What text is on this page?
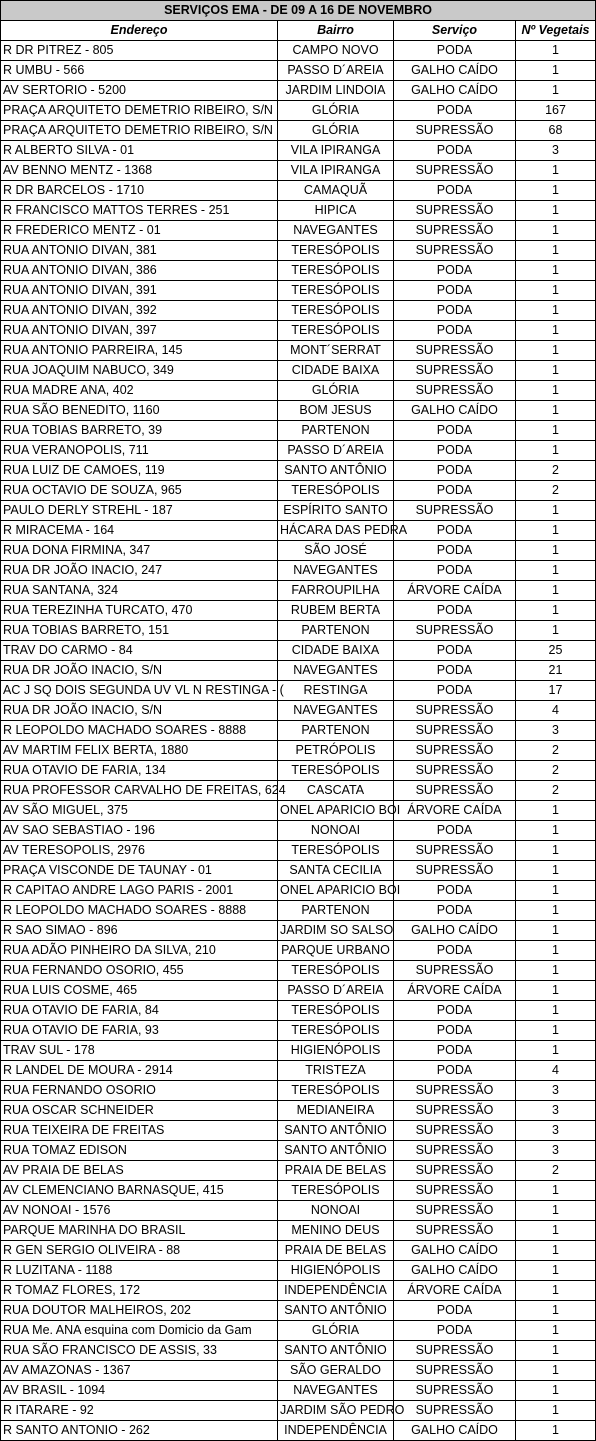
SERVIÇOS EMA - DE 09 A 16 DE NOVEMBRO			
Endereço	Bairro	Serviço	Nº Vegetais
R DR PITREZ - 805	CAMPO NOVO	PODA	1
R UMBU - 566	PASSO D´AREIA	GALHO CAÍDO	1
AV SERTORIO - 5200	JARDIM LINDOIA	GALHO CAÍDO	1
PRAÇA ARQUITETO DEMETRIO RIBEIRO, S/N	GLÓRIA	PODA	167
PRAÇA ARQUITETO DEMETRIO RIBEIRO, S/N	GLÓRIA	SUPRESSÃO	68
R ALBERTO SILVA - 01	VILA IPIRANGA	PODA	3
AV BENNO MENTZ - 1368	VILA IPIRANGA	SUPRESSÃO	1
R DR BARCELOS - 1710	CAMAQUÃ	PODA	1
R FRANCISCO MATTOS TERRES - 251	HIPICA	SUPRESSÃO	1
R FREDERICO MENTZ - 01	NAVEGANTES	SUPRESSÃO	1
RUA ANTONIO DIVAN, 381	TERESÓPOLIS	SUPRESSÃO	1
RUA ANTONIO DIVAN, 386	TERESÓPOLIS	PODA	1
RUA ANTONIO DIVAN, 391	TERESÓPOLIS	PODA	1
RUA ANTONIO DIVAN, 392	TERESÓPOLIS	PODA	1
RUA ANTONIO DIVAN, 397	TERESÓPOLIS	PODA	1
RUA ANTONIO PARREIRA, 145	MONT´SERRAT	SUPRESSÃO	1
RUA JOAQUIM NABUCO, 349	CIDADE BAIXA	SUPRESSÃO	1
RUA MADRE ANA, 402	GLÓRIA	SUPRESSÃO	1
RUA SÃO BENEDITO, 1160	BOM JESUS	GALHO CAÍDO	1
RUA TOBIAS BARRETO, 39	PARTENON	PODA	1
RUA VERANOPOLIS, 711	PASSO D´AREIA	PODA	1
RUA LUIZ DE CAMOES, 119	SANTO ANTÔNIO	PODA	2
RUA OCTAVIO DE SOUZA, 965	TERESÓPOLIS	PODA	2
PAULO DERLY STREHL - 187	ESPÍRITO SANTO	SUPRESSÃO	1
R MIRACEMA - 164	HÁCARA DAS PEDRA	PODA	1
RUA DONA FIRMINA, 347	SÃO JOSÉ	PODA	1
RUA DR JOÃO INACIO, 247	NAVEGANTES	PODA	1
RUA SANTANA, 324	FARROUPILHA	ÁRVORE CAÍDA	1
RUA TEREZINHA TURCATO, 470	RUBEM BERTA	PODA	1
RUA TOBIAS BARRETO, 151	PARTENON	SUPRESSÃO	1
TRAV DO CARMO - 84	CIDADE BAIXA	PODA	25
RUA DR JOÃO INACIO, S/N	NAVEGANTES	PODA	21
AC J SQ DOIS SEGUNDA UV VL N RESTINGA - (	RESTINGA	PODA	17
RUA DR JOÃO INACIO, S/N	NAVEGANTES	SUPRESSÃO	4
R LEOPOLDO MACHADO SOARES - 8888	PARTENON	SUPRESSÃO	3
AV MARTIM FELIX BERTA, 1880	PETRÓPOLIS	SUPRESSÃO	2
RUA OTAVIO DE FARIA, 134	TERESÓPOLIS	SUPRESSÃO	2
RUA PROFESSOR CARVALHO DE FREITAS, 624	CASCATA	SUPRESSÃO	2
AV SÃO MIGUEL, 375	ONEL APARICIO BOI	ÁRVORE CAÍDA	1
AV SAO SEBASTIAO - 196	NONOAI	PODA	1
AV TERESOPOLIS, 2976	TERESÓPOLIS	SUPRESSÃO	1
PRAÇA VISCONDE DE TAUNAY - 01	SANTA CECILIA	SUPRESSÃO	1
R CAPITAO ANDRE LAGO PARIS - 2001	ONEL APARICIO BOI	PODA	1
R LEOPOLDO MACHADO SOARES - 8888	PARTENON	PODA	1
R SAO SIMAO - 896	JARDIM SO SALSO	GALHO CAÍDO	1
RUA ADÃO PINHEIRO DA SILVA, 210	PARQUE URBANO	PODA	1
RUA FERNANDO OSORIO, 455	TERESÓPOLIS	SUPRESSÃO	1
RUA LUIS COSME, 465	PASSO D´AREIA	ÁRVORE CAÍDA	1
RUA OTAVIO DE FARIA, 84	TERESÓPOLIS	PODA	1
RUA OTAVIO DE FARIA, 93	TERESÓPOLIS	PODA	1
TRAV SUL - 178	HIGIENÓPOLIS	PODA	1
R LANDEL DE MOURA - 2914	TRISTEZA	PODA	4
RUA FERNANDO OSORIO	TERESÓPOLIS	SUPRESSÃO	3
RUA OSCAR SCHNEIDER	MEDIANEIRA	SUPRESSÃO	3
RUA TEIXEIRA DE FREITAS	SANTO ANTÔNIO	SUPRESSÃO	3
RUA TOMAZ EDISON	SANTO ANTÔNIO	SUPRESSÃO	3
AV PRAIA DE BELAS	PRAIA DE BELAS	SUPRESSÃO	2
AV CLEMENCIANO BARNASQUE, 415	TERESÓPOLIS	SUPRESSÃO	1
AV NONOAI - 1576	NONOAI	SUPRESSÃO	1
PARQUE MARINHA DO BRASIL	MENINO DEUS	SUPRESSÃO	1
R GEN SERGIO OLIVEIRA - 88	PRAIA DE BELAS	GALHO CAÍDO	1
R LUZITANA - 1188	HIGIENÓPOLIS	GALHO CAÍDO	1
R TOMAZ FLORES, 172	INDEPENDÊNCIA	ÁRVORE CAÍDA	1
RUA DOUTOR MALHEIROS, 202	SANTO ANTÔNIO	PODA	1
RUA Me. ANA esquina com Domicio da Gam	GLÓRIA	PODA	1
RUA SÃO FRANCISCO DE ASSIS, 33	SANTO ANTÔNIO	SUPRESSÃO	1
AV AMAZONAS - 1367	SÃO GERALDO	SUPRESSÃO	1
AV BRASIL - 1094	NAVEGANTES	SUPRESSÃO	1
R ITARARE - 92	JARDIM SÃO PEDRO	SUPRESSÃO	1
R SANTO ANTONIO - 262	INDEPENDÊNCIA	GALHO CAÍDO	1
